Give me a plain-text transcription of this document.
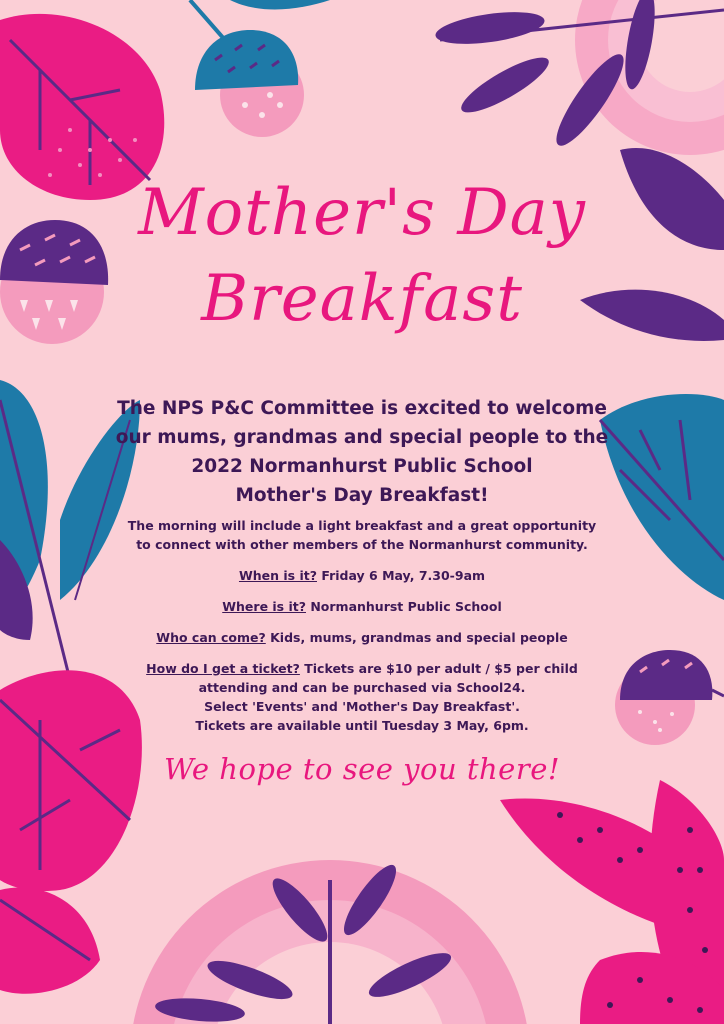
Mother's Day
Breakfast
The NPS P&C Committee is excited to welcome
our mums, grandmas and special people to the
2022 Normanhurst Public School
Mother's Day Breakfast!
The morning will include a light breakfast and a great opportunity
to connect with other members of the Normanhurst community.
When is it? Friday 6 May, 7.30-9am
Where is it? Normanhurst Public School
Who can come? Kids, mums, grandmas and special people
How do I get a ticket? Tickets are $10 per adult / $5 per child
attending and can be purchased via School24.
Select 'Events' and 'Mother's Day Breakfast'.
Tickets are available until Tuesday 3 May, 6pm.
We hope to see you there!
